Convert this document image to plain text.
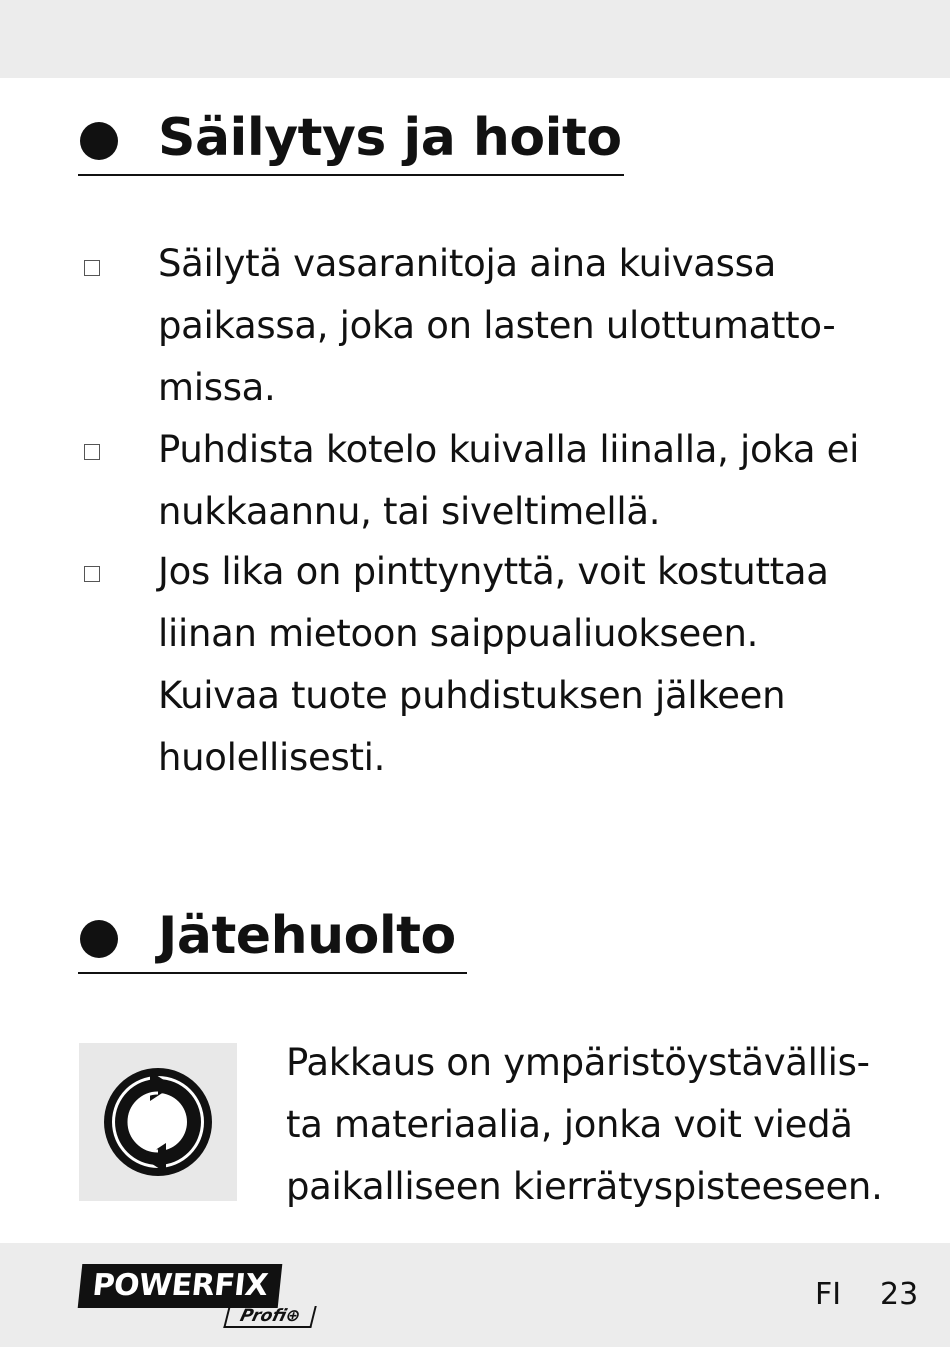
Säilytys ja hoito
Säilytä vasaranitoja aina kuivassa paikassa, joka on lasten ulottumatto-missa.
Puhdista kotelo kuivalla liinalla, joka ei nukkaannu, tai siveltimellä.
Jos lika on pinttynyttä, voit kostuttaa liinan mietoon saippualiuokseen. Kuivaa tuote puhdistuksen jälkeen huolellisesti.
Jätehuolto
Pakkaus on ympäristöystävällis-ta materiaalia, jonka voit viedä paikalliseen kierrätyspisteeseen.
POWERFIX
Profi⊕
FI 23
